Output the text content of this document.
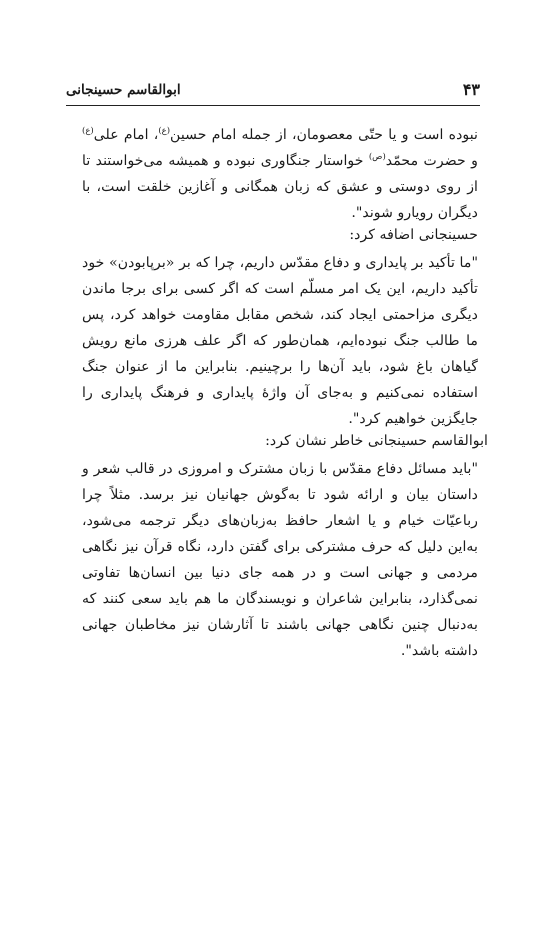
۴۳
ابوالقاسم حسینجانی

نبوده است و یا حتّی معصومان، از جمله امام حسین$^{(ع)}$، امام علی$^{(ع)}$ و حضرت محمّد$^{(ص)}$ خواستار جنگاوری نبوده و همیشه می‌خواستند تا از روی دوستی و عشق که زبان همگانی و آغازین خلقت است، با دیگران رویارو شوند".

حسینجانی اضافه کرد:

"ما تأکید بر پایداری و دفاع مقدّس داریم، چرا که بر «برپابودن» خود تأکید داریم، این یک امر مسلّم است که اگر کسی برای برجا ماندن دیگری مزاحمتی ایجاد کند، شخص مقابل مقاومت خواهد کرد، پس ما طالب جنگ نبوده‌ایم، همان‌طور که اگر علف هرزی مانع رویش گیاهان باغ شود، باید آن‌ها را برچینیم. بنابراین ما از عنوان جنگ استفاده نمی‌کنیم و به‌جای آن واژهٔ پایداری و فرهنگ پایداری را جایگزین خواهیم کرد".

ابوالقاسم حسینجانی خاطر نشان کرد:

"باید مسائل دفاع مقدّس با زبان مشترک و امروزی در قالب شعر و داستان بیان و ارائه شود تا به‌گوش جهانیان نیز برسد. مثلاً چرا رباعیّات خیام و یا اشعار حافظ به‌زبان‌های دیگر ترجمه می‌شود، به‌این دلیل که حرف مشترکی برای گفتن دارد، نگاه قرآن نیز نگاهی مردمی و جهانی است و در همه جای دنیا بین انسان‌ها تفاوتی نمی‌گذارد، بنابراین شاعران و نویسندگان ما هم باید سعی کنند که به‌دنبال چنین نگاهی جهانی باشند تا آثارشان نیز مخاطبان جهانی داشته باشد".
